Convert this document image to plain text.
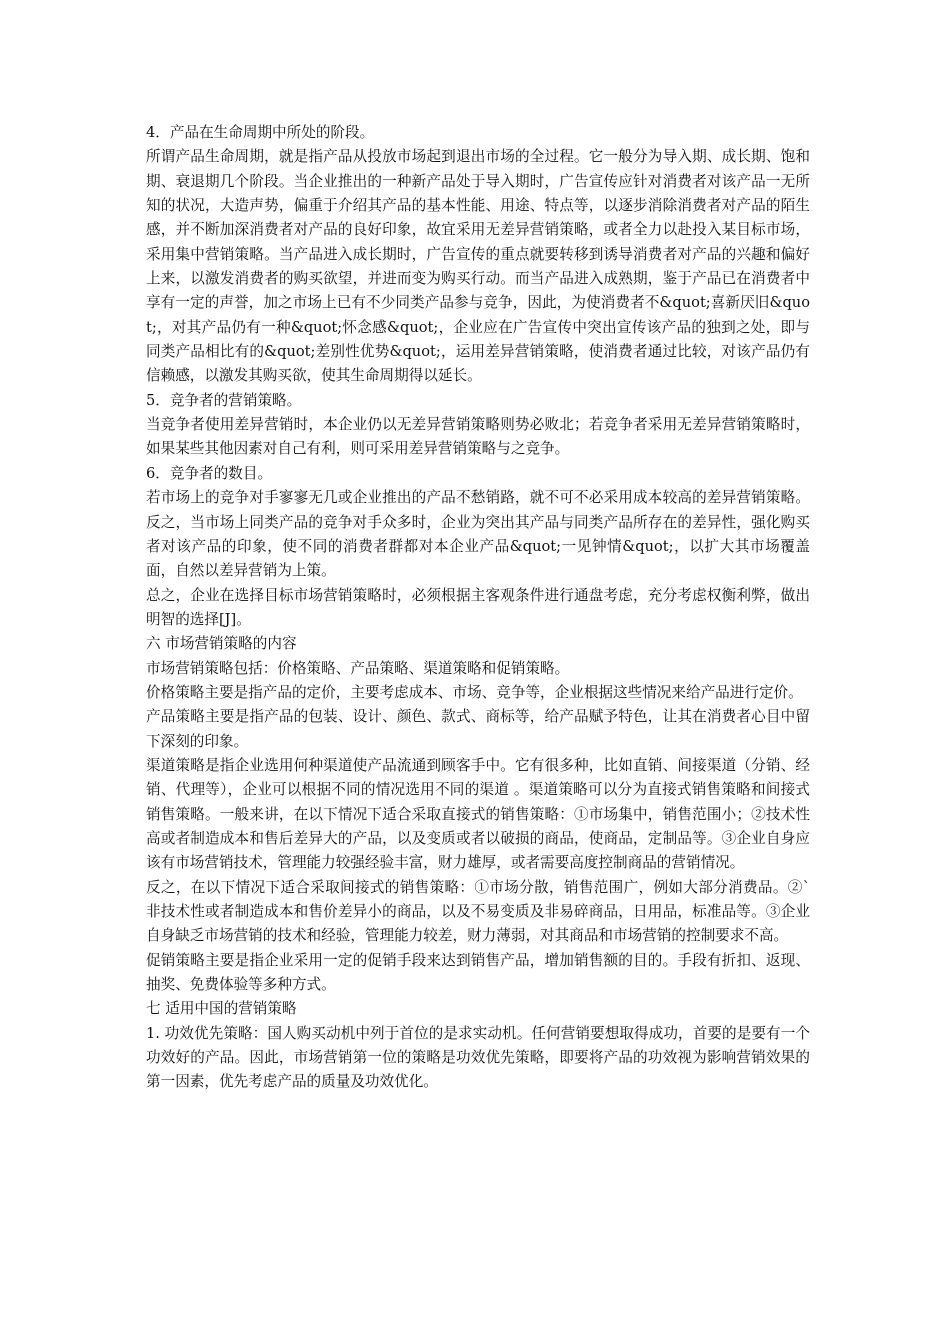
4．产品在生命周期中所处的阶段。

所谓产品生命周期，就是指产品从投放市场起到退出市场的全过程。它一般分为导入期、成长期、饱和期、衰退期几个阶段。当企业推出的一种新产品处于导入期时，广告宣传应针对消费者对该产品一无所知的状况，大造声势，偏重于介绍其产品的基本性能、用途、特点等，以逐步消除消费者对产品的陌生感，并不断加深消费者对产品的良好印象，故宜采用无差异营销策略，或者全力以赴投入某目标市场，采用集中营销策略。当产品进入成长期时，广告宣传的重点就要转移到诱导消费者对产品的兴趣和偏好上来，以激发消费者的购买欲望，并进而变为购买行动。而当产品进入成熟期，鉴于产品已在消费者中享有一定的声誉，加之市场上已有不少同类产品参与竞争，因此，为使消费者不&quot;喜新厌旧&quot;，对其产品仍有一种&quot;怀念感&quot;，企业应在广告宣传中突出宣传该产品的独到之处，即与同类产品相比有的&quot;差别性优势&quot;，运用差异营销策略，使消费者通过比较，对该产品仍有信赖感，以激发其购买欲，使其生命周期得以延长。

5．竞争者的营销策略。

当竞争者使用差异营销时，本企业仍以无差异营销策略则势必败北；若竞争者采用无差异营销策略时，如果某些其他因素对自己有利，则可采用差异营销策略与之竞争。

6．竞争者的数目。

若市场上的竞争对手寥寥无几或企业推出的产品不愁销路，就不可不必采用成本较高的差异营销策略。反之，当市场上同类产品的竞争对手众多时，企业为突出其产品与同类产品所存在的差异性，强化购买者对该产品的印象，使不同的消费者群都对本企业产品&quot;一见钟情&quot;，以扩大其市场覆盖面，自然以差异营销为上策。

总之，企业在选择目标市场营销策略时，必须根据主客观条件进行通盘考虑，充分考虑权衡利弊，做出明智的选择[J]。

六 市场营销策略的内容

市场营销策略包括：价格策略、产品策略、渠道策略和促销策略。

价格策略主要是指产品的定价，主要考虑成本、市场、竞争等，企业根据这些情况来给产品进行定价。

产品策略主要是指产品的包装、设计、颜色、款式、商标等，给产品赋予特色，让其在消费者心目中留下深刻的印象。

渠道策略是指企业选用何种渠道使产品流通到顾客手中。它有很多种，比如直销、间接渠道（分销、经销、代理等），企业可以根据不同的情况选用不同的渠道 。渠道策略可以分为直接式销售策略和间接式销售策略。一般来讲，在以下情况下适合采取直接式的销售策略：①市场集中，销售范围小；②技术性高或者制造成本和售后差异大的产品，以及变质或者以破损的商品，使商品，定制品等。③企业自身应该有市场营销技术，管理能力较强经验丰富，财力雄厚，或者需要高度控制商品的营销情况。

反之，在以下情况下适合采取间接式的销售策略：①市场分散，销售范围广，例如大部分消费品。②`非技术性或者制造成本和售价差异小的商品，以及不易变质及非易碎商品，日用品，标准品等。③企业自身缺乏市场营销的技术和经验，管理能力较差，财力薄弱，对其商品和市场营销的控制要求不高。

促销策略主要是指企业采用一定的促销手段来达到销售产品，增加销售额的目的。手段有折扣、返现、抽奖、免费体验等多种方式。

七 适用中国的营销策略

1. 功效优先策略：国人购买动机中列于首位的是求实动机。任何营销要想取得成功，首要的是要有一个功效好的产品。因此，市场营销第一位的策略是功效优先策略，即要将产品的功效视为影响营销效果的第一因素，优先考虑产品的质量及功效优化。
